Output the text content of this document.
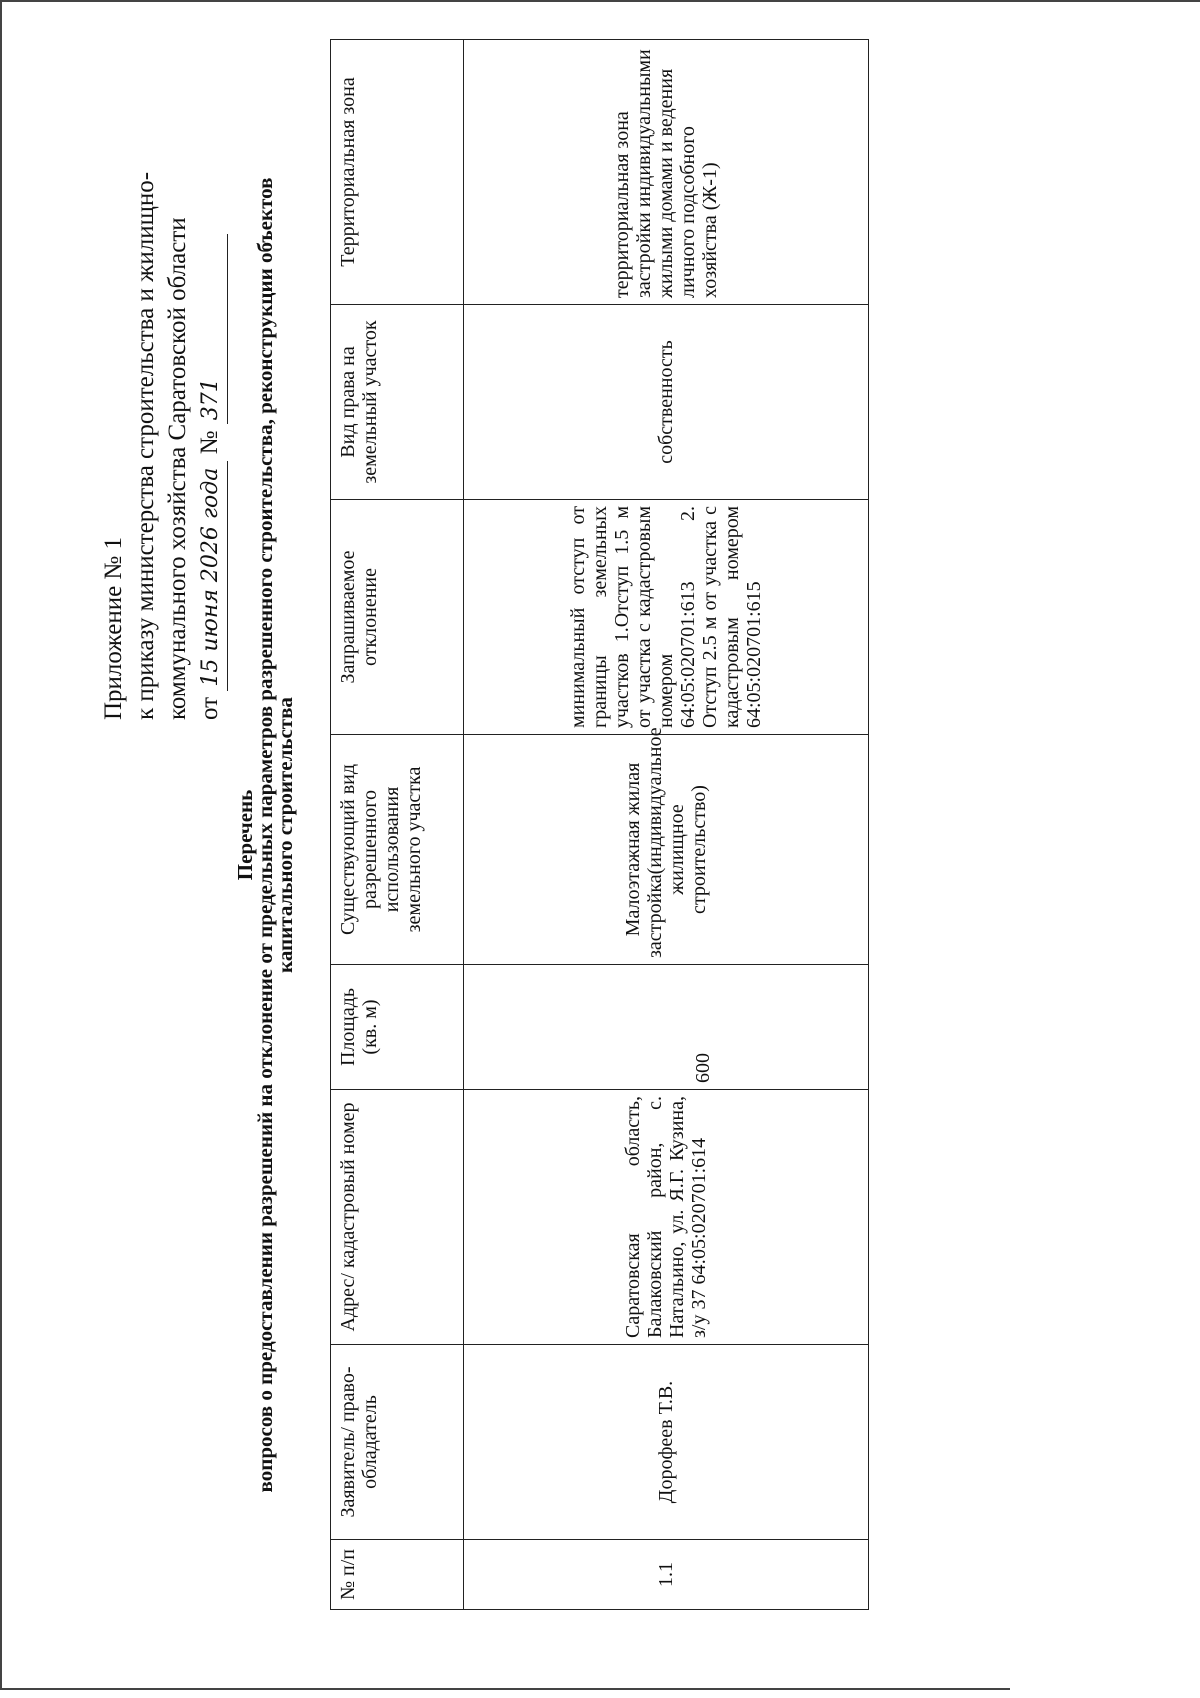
Приложение № 1 к приказу министерства строительства и жилищно- коммунального хозяйства Саратовской области от 15 июня 2026 года № 371
Перечень
вопросов о предоставлении разрешений на отклонение от предельных параметров разрешенного строительства, реконструкции объектов
капитального строительства
№ п/п	Заявитель/ право-обладатель	Адрес/ кадастровый номер	Площадь (кв. м)	Существующий вид разрешенного использования земельного участка	Запрашиваемое отклонение	Вид права на земельный участок	Территориальная зона
1.1	Дорофеев Т.В.	Саратовская область, Балаковский район, с. Натальино, ул. Я.Г. Кузина, з/у 37 64:05:020701:614	600	Малоэтажная жилая застройка(индивидуальное жилищное строительство)	минимальный отступ от границы земельных участков 1.Отступ 1.5 м от участка с кадастровым номером 64:05:020701:613 2. Отступ 2.5 м от участка с кадастровым номером 64:05:020701:615	собственность	территориальная зона застройки индивидуальными жилыми домами и ведения личного подсобного хозяйства (Ж-1)
